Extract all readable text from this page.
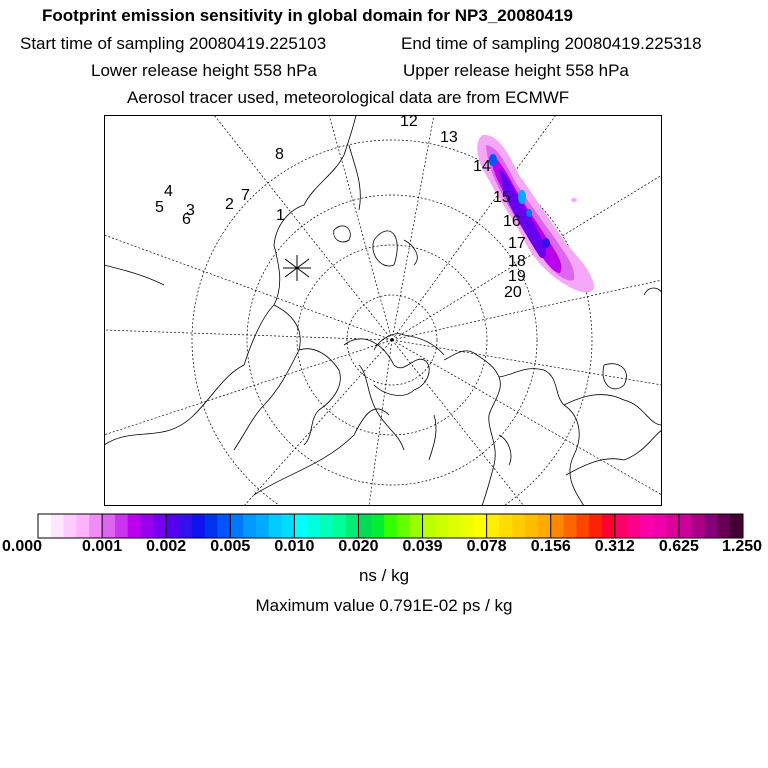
Footprint emission sensitivity in global domain for NP3_20080419
Start time of sampling 20080419.225103	End time of sampling 20080419.225318
Lower release height 558 hPa	Upper release height 558 hPa
Aerosol tracer used, meteorological data are from ECMWF
1
2
3
4
5
6
7
8
12
13
14
15
16
17
18
19
20
0.000	0.001 0.002 0.005 0.010 0.020 0.039 0.078 0.156 0.312 0.625 1.250
ns / kg
Maximum value 0.791E-02 ps / kg
